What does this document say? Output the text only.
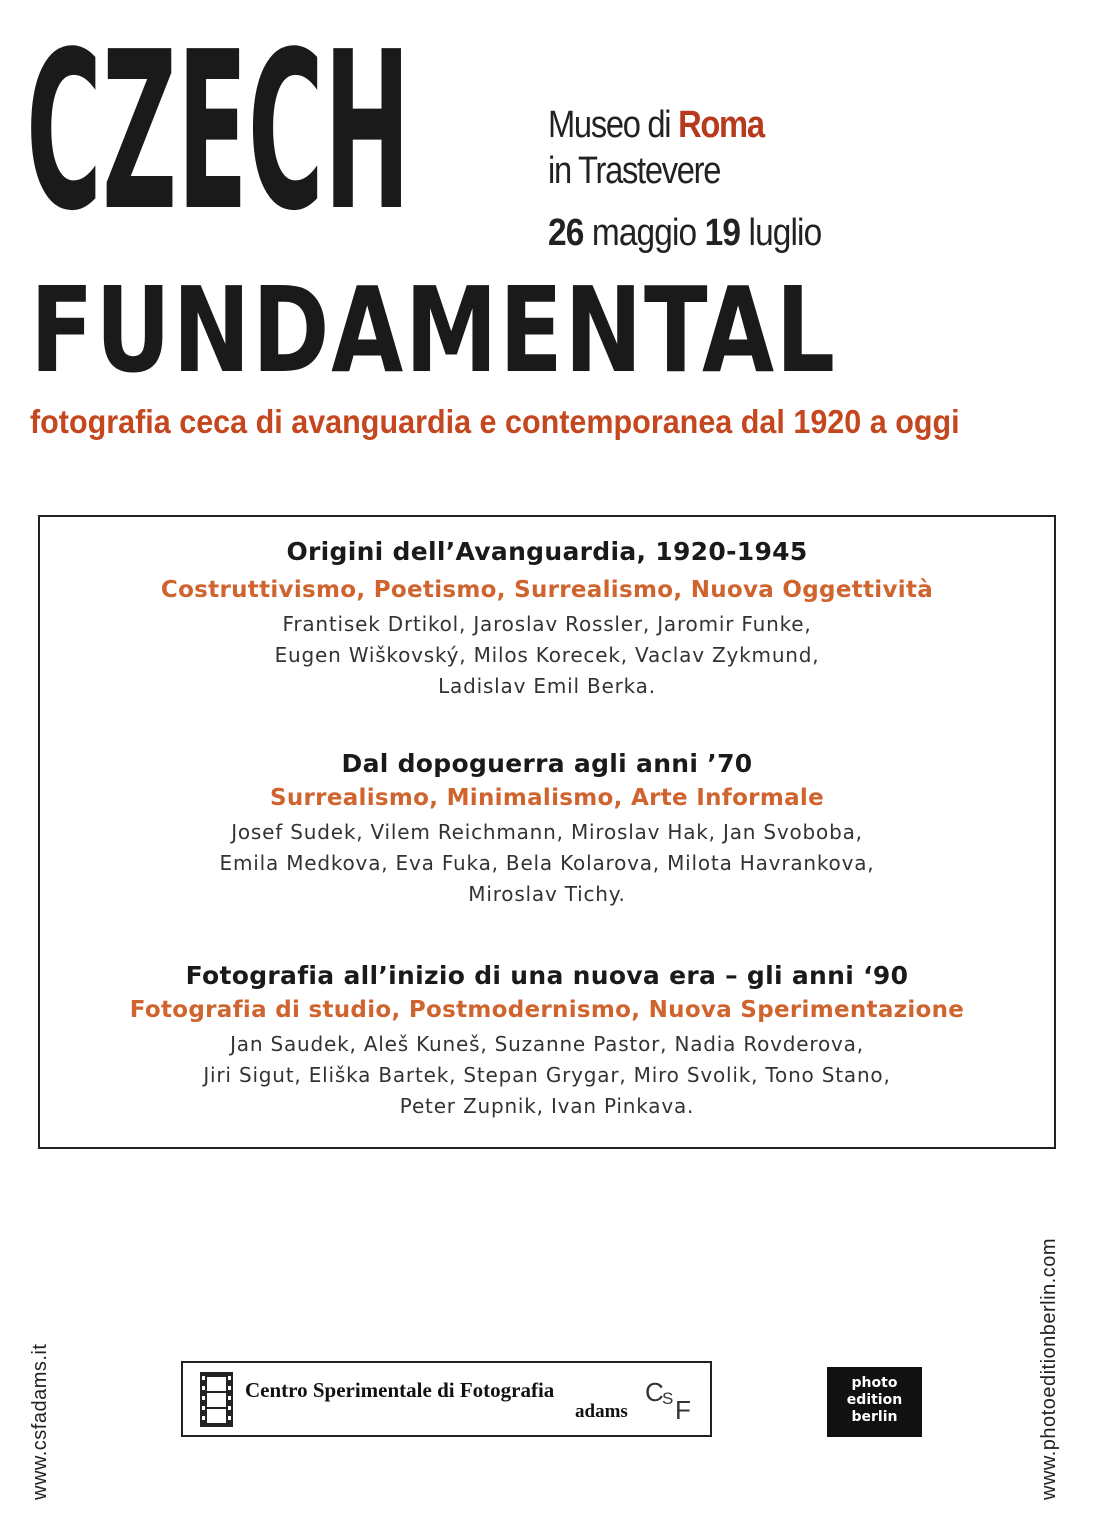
CZECH	Museo di Roma
in Trastevere
26 maggio 19 luglio
FUNDAMENTAL
fotografia ceca di avanguardia e contemporanea dal 1920 a oggi
Origini dell’Avanguardia, 1920-1945
Costruttivismo, Poetismo, Surrealismo, Nuova Oggettività
Frantisek Drtikol, Jaroslav Rossler, Jaromir Funke,
Eugen Wiškovský, Milos Korecek, Vaclav Zykmund,
Ladislav Emil Berka.
Dal dopoguerra agli anni ’70
Surrealismo, Minimalismo, Arte Informale
Josef Sudek, Vilem Reichmann, Miroslav Hak, Jan Svoboba,
Emila Medkova, Eva Fuka, Bela Kolarova, Milota Havrankova,
Miroslav Tichy.
Fotografia all’inizio di una nuova era – gli anni ‘90
Fotografia di studio, Postmodernismo, Nuova Sperimentazione
Jan Saudek, Aleš Kuneš, Suzanne Pastor, Nadia Rovderova,
Jiri Sigut, Eliška Bartek, Stepan Grygar, Miro Svolik, Tono Stano,
Peter Zupnik, Ivan Pinkava.
www.csfadams.it	www.photoeditionberlin.com
Centro Sperimentale di Fotografia
adams
C
S F
photo
edition
berlin
